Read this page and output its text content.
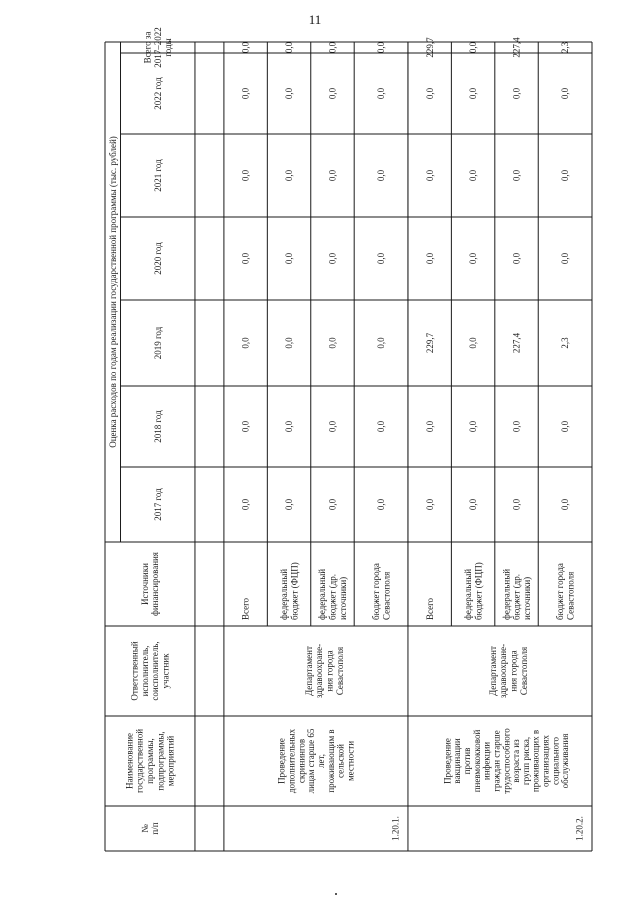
11
№п/п
Наименованиегосударственнойпрограммы,подпрограммы,мероприятий
Ответственныйисполнитель,соисполнитель,участник
Источникифинансирования
Оценка расходов по годам реализации государственной программы (тыс. рублей)
2017 год
2018 год
2019 год
2020 год
2021 год
2022 год
Всего за2017–2022годы
1.20.1.
Проведениедополнительныхскрининговлицам старше 65лет,проживающим всельскойместности
Департаментздравоохране-ния городаСевастополя
Всего
0,0
0,0
0,0
0,0
0,0
0,0
0,0
федеральныйбюджет (ФЦП)
0,0
0,0
0,0
0,0
0,0
0,0
0,0
федеральныйбюджет (др.источники)
0,0
0,0
0,0
0,0
0,0
0,0
0,0
бюджет городаСевастополя
0,0
0,0
0,0
0,0
0,0
0,0
0,0
1.20.2.
Проведениевакцинациипротивпневмококковойинфекцииграждан старшетрудоспособноговозраста изгрупп риска,проживающих ворганизацияхсоциальногообслуживания
Департаментздравоохране-ния городаСевастополя
Всего
0,0
0,0
229,7
0,0
0,0
0,0
229,7
федеральныйбюджет (ФЦП)
0,0
0,0
0,0
0,0
0,0
0,0
0,0
федеральныйбюджет (др.источники)
0,0
0,0
227,4
0,0
0,0
0,0
227,4
бюджет городаСевастополя
0,0
0,0
2,3
0,0
0,0
0,0
2,3
